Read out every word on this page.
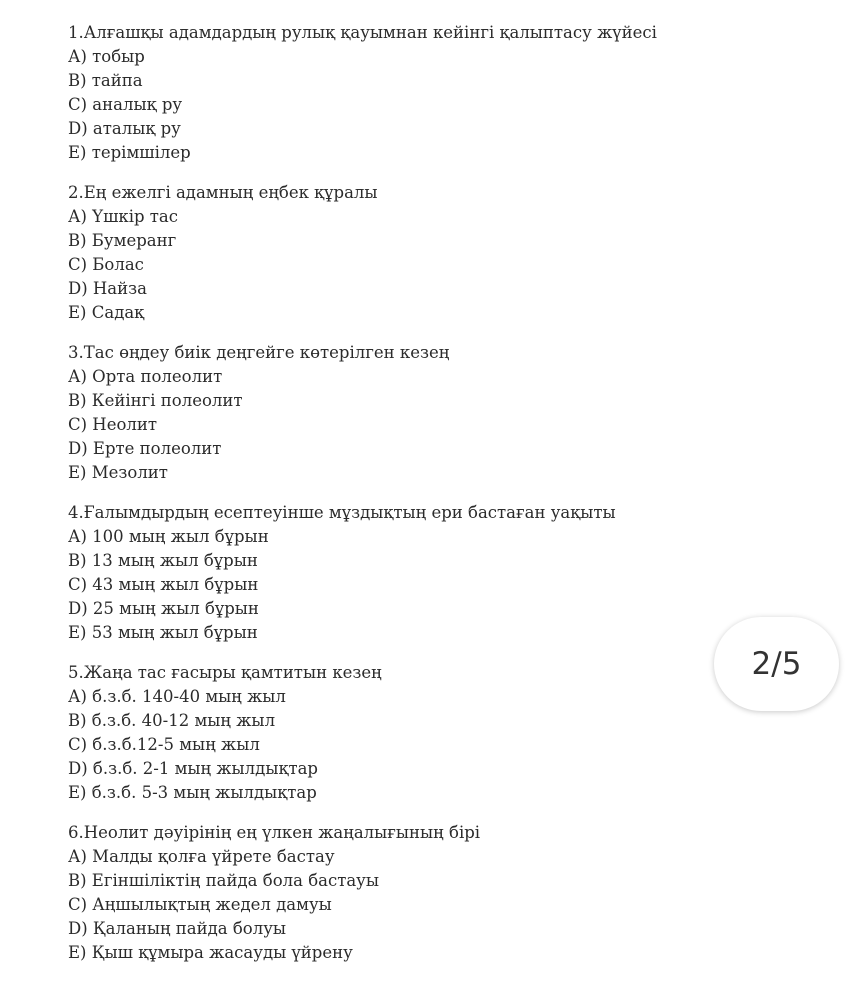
1.Алғашқы адамдардың рулық қауымнан кейінгі қалыптасу жүйесі
А) тобыр
В) тайпа
С) аналық ру
D) аталық ру
Е) терімшілер
2.Ең ежелгі адамның еңбек құралы
А) Үшкір тас
В) Бумеранг
С) Болас
D) Найза
Е) Садақ
3.Тас өңдеу биік деңгейге көтерілген кезең
А) Орта полеолит
В) Кейінгі полеолит
С) Неолит
D) Ерте полеолит
Е) Мезолит
4.Ғалымдырдың есептеуінше мұздықтың ери бастаған уақыты
А) 100 мың жыл бұрын
В) 13 мың жыл бұрын
С) 43 мың жыл бұрын
D) 25 мың жыл бұрын
Е) 53 мың жыл бұрын
5.Жаңа тас ғасыры қамтитын кезең
А) б.з.б. 140-40 мың жыл
В) б.з.б. 40-12 мың жыл
С) б.з.б.12-5 мың жыл
D) б.з.б. 2-1 мың жылдықтар
Е) б.з.б. 5-3 мың жылдықтар
6.Неолит дәуірінің ең үлкен жаңалығының бірі
А) Малды қолға үйрете бастау
В) Егіншіліктің пайда бола бастауы
С) Аңшылықтың жедел дамуы
D) Қаланың пайда болуы
Е) Қыш құмыра жасауды үйрену
2/5
